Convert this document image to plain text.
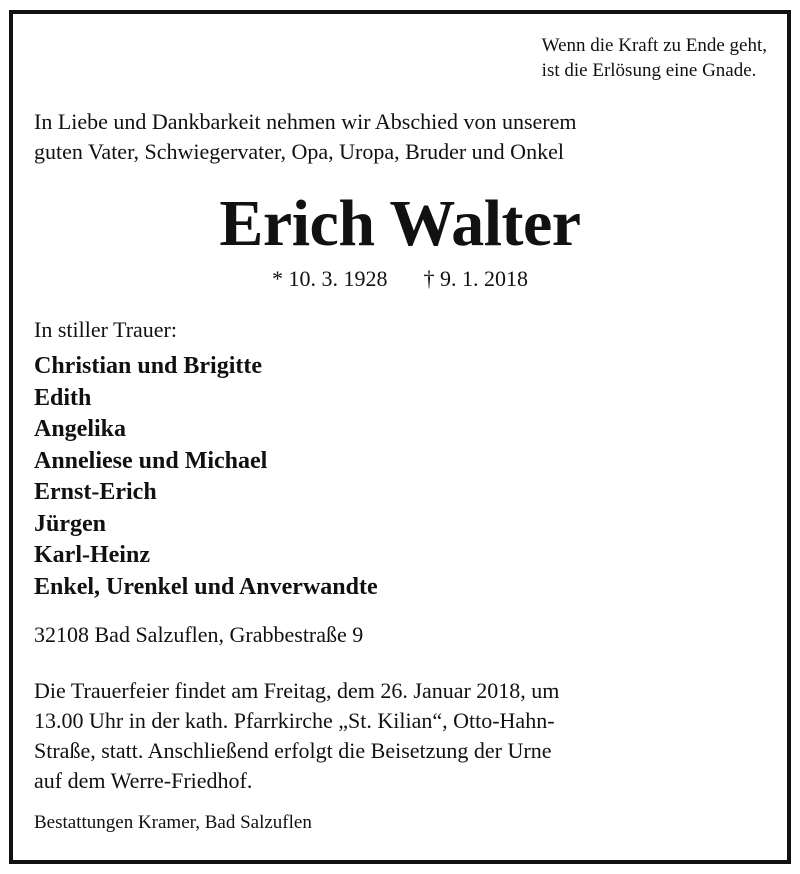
Wenn die Kraft zu Ende geht,
ist die Erlösung eine Gnade.
In Liebe und Dankbarkeit nehmen wir Abschied von unserem
guten Vater, Schwiegervater, Opa, Uropa, Bruder und Onkel
Erich Walter
* 10. 3. 1928 † 9. 1. 2018
In stiller Trauer:
Christian und Brigitte
Edith
Angelika
Anneliese und Michael
Ernst-Erich
Jürgen
Karl-Heinz
Enkel, Urenkel und Anverwandte
32108 Bad Salzuflen, Grabbestraße 9
Die Trauerfeier findet am Freitag, dem 26. Januar 2018, um
13.00 Uhr in der kath. Pfarrkirche „St. Kilian“, Otto-Hahn-
Straße, statt. Anschließend erfolgt die Beisetzung der Urne
auf dem Werre-Friedhof.
Bestattungen Kramer, Bad Salzuflen
